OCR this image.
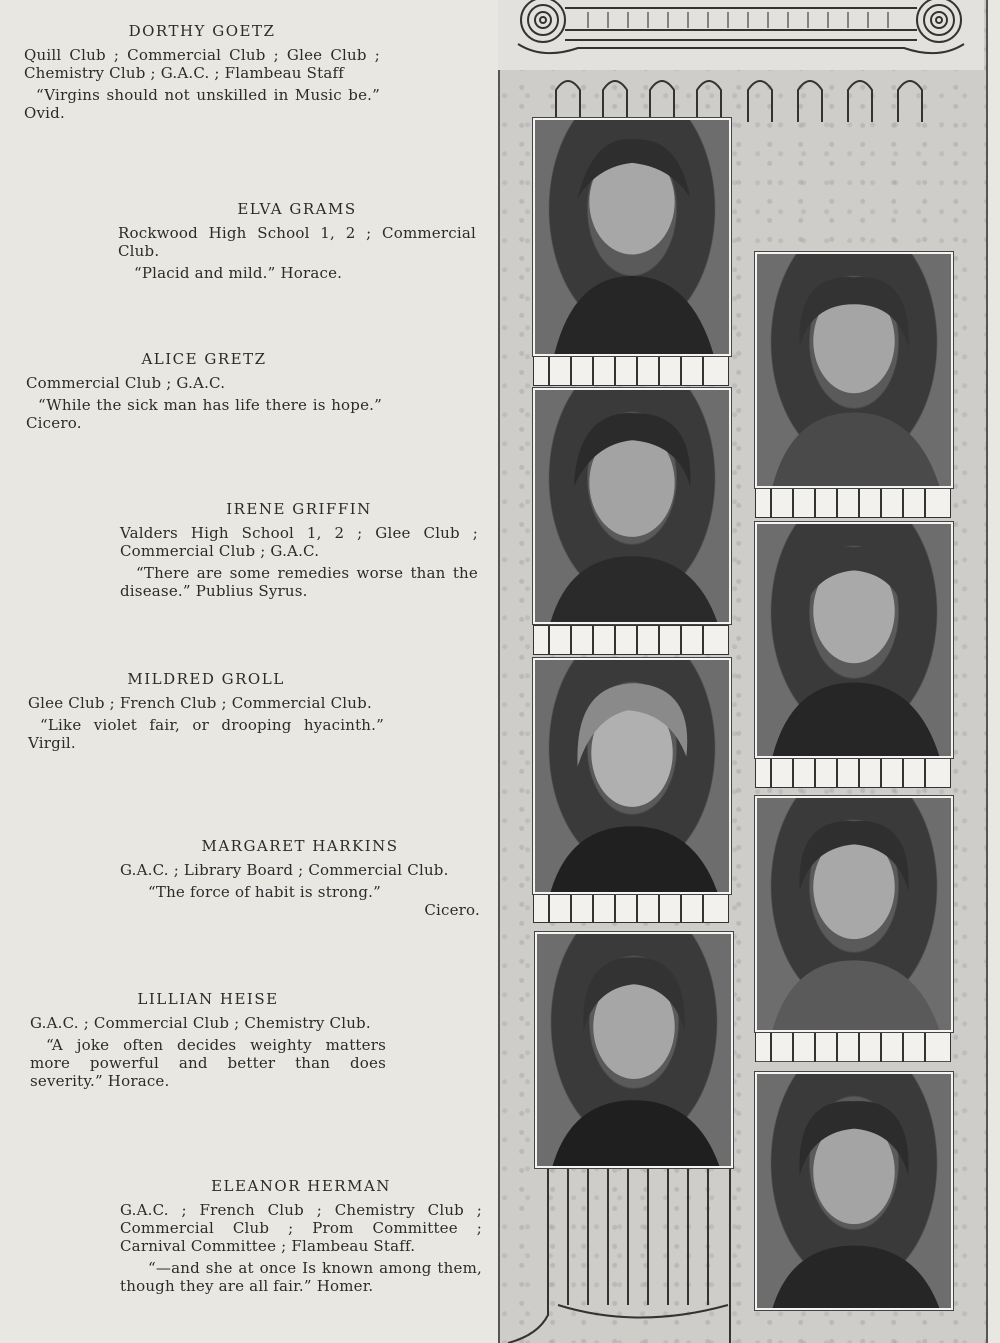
DORTHY GOETZ
Quill Club ; Commercial Club ; Glee Club ; Chemistry Club ; G.A.C. ; Flambeau Staff
“Virgins should not unskilled in Music be.” Ovid.
ELVA GRAMS
Rockwood High School 1, 2 ; Commercial Club.
“Placid and mild.” Horace.
ALICE GRETZ
Commercial Club ; G.A.C.
“While the sick man has life there is hope.” Cicero.
IRENE GRIFFIN
Valders High School 1, 2 ; Glee Club ; Commercial Club ; G.A.C.
“There are some remedies worse than the disease.” Publius Syrus.
MILDRED GROLL
Glee Club ; French Club ; Commercial Club.
“Like violet fair, or drooping hyacinth.” Virgil.
MARGARET HARKINS
G.A.C. ; Library Board ; Commercial Club.
“The force of habit is strong.”
Cicero.
LILLIAN HEISE
G.A.C. ; Commercial Club ; Chemistry Club.
“A joke often decides weighty matters more powerful and better than does severity.” Horace.
ELEANOR HERMAN
G.A.C. ; French Club ; Chemistry Club ; Commercial Club ; Prom Committee ; Carnival Committee ; Flambeau Staff.
“—and she at once Is known among them, though they are all fair.” Homer.
